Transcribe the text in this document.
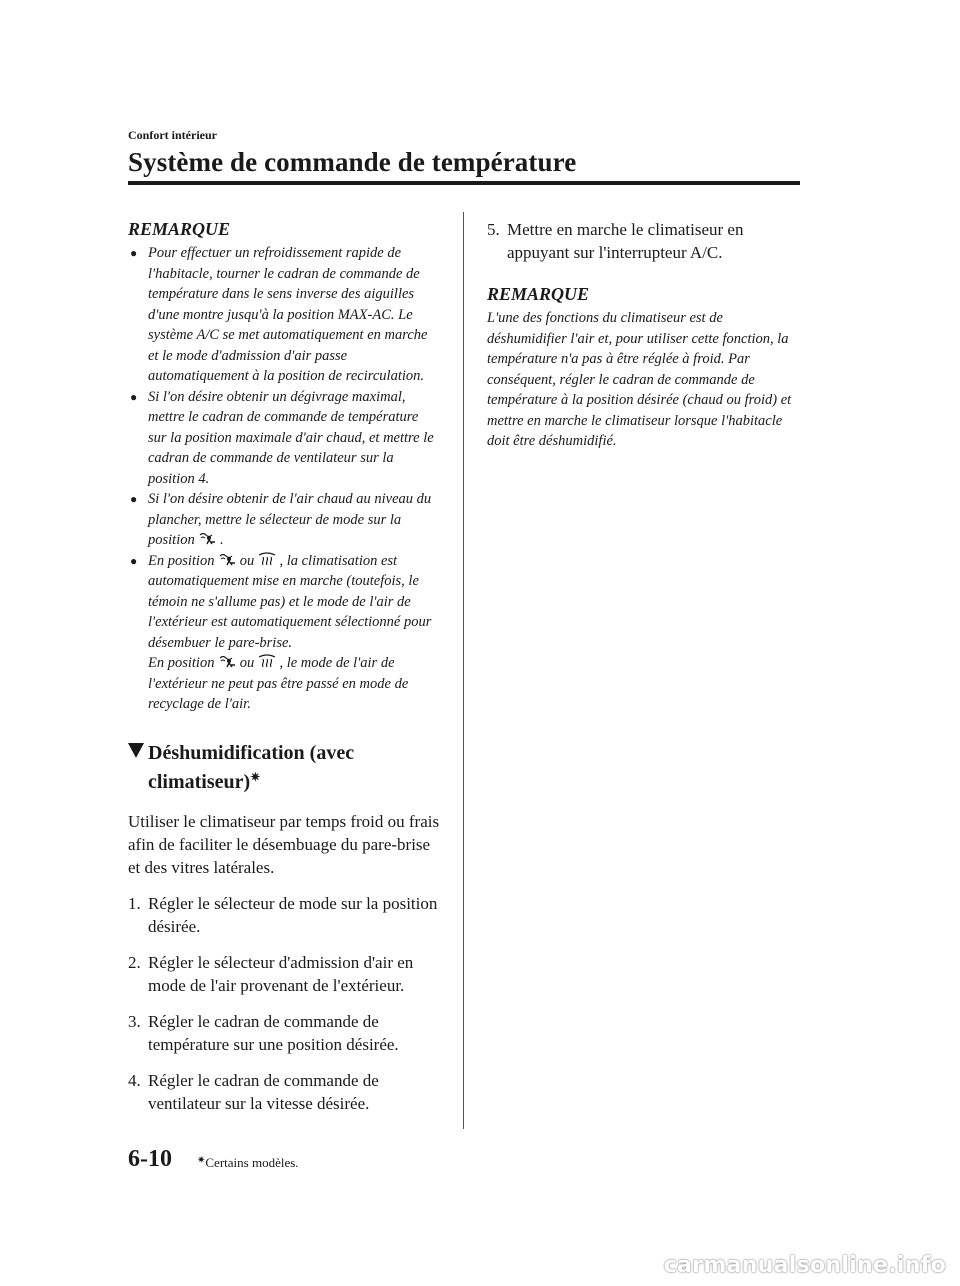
Confort intérieur

Système de commande de température

REMARQUE

● Pour effectuer un refroidissement rapide de l'habitacle, tourner le cadran de commande de température dans le sens inverse des aiguilles d'une montre jusqu'à la position MAX-AC. Le système A/C se met automatiquement en marche et le mode d'admission d'air passe automatiquement à la position de recirculation.
● Si l'on désire obtenir un dégivrage maximal, mettre le cadran de commande de température sur la position maximale d'air chaud, et mettre le cadran de commande de ventilateur sur la position 4.
● Si l'on désire obtenir de l'air chaud au niveau du plancher, mettre le sélecteur de mode sur la position .
● En position ou , la climatisation est automatiquement mise en marche (toutefois, le témoin ne s'allume pas) et le mode de l'air de l'extérieur est automatiquement sélectionné pour désembuer le pare-brise.
En position ou , le mode de l'air de l'extérieur ne peut pas être passé en mode de recyclage de l'air.
Déshumidification (avec climatiseur)✷

Utiliser le climatiseur par temps froid ou frais afin de faciliter le désembuage du pare-brise et des vitres latérales.

1. Régler le sélecteur de mode sur la position désirée.
2. Régler le sélecteur d'admission d'air en mode de l'air provenant de l'extérieur.
3. Régler le cadran de commande de température sur une position désirée.
4. Régler le cadran de commande de ventilateur sur la vitesse désirée.
5. Mettre en marche le climatiseur en appuyant sur l'interrupteur A/C.

REMARQUE

L'une des fonctions du climatiseur est de déshumidifier l'air et, pour utiliser cette fonction, la température n'a pas à être réglée à froid. Par conséquent, régler le cadran de commande de température à la position désirée (chaud ou froid) et mettre en marche le climatiseur lorsque l'habitacle doit être déshumidifié.

6-10	✷Certains modèles.
carmanualsonline.info
